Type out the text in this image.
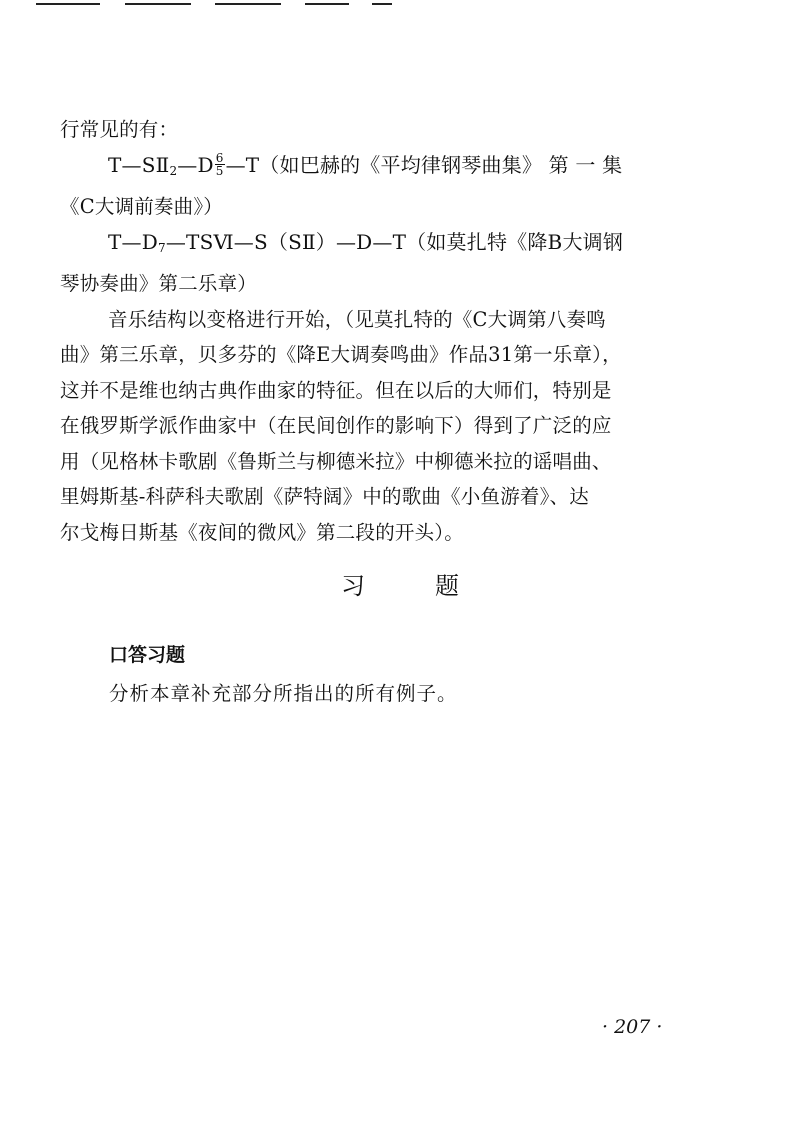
行常见的有：
$T—SⅡ_2—D \frac{6}{5}$ —T（如巴赫的《平均律钢琴曲集》 第 一 集
《C大调前奏曲》）
$T—D_7—TSⅥ—S(SⅡ)—D—T$（如莫扎特《降B大调钢
琴协奏曲》第二乐章）
音乐结构以变格进行开始，（见莫扎特的《C大调第八奏鸣
曲》第三乐章，贝多芬的《降E大调奏鸣曲》作品31第一乐章），
这并不是维也纳古典作曲家的特征。但在以后的大师们，特别是
在俄罗斯学派作曲家中（在民间创作的影响下）得到了广泛的应
用（见格林卡歌剧《鲁斯兰与柳德米拉》中柳德米拉的谣唱曲、
里姆斯基-科萨科夫歌剧《萨特阔》中的歌曲《小鱼游着》、达
尔戈梅日斯基《夜间的微风》第二段的开头）。
习	题
口答习题
分析本章补充部分所指出的所有例子。
· 207 ·
